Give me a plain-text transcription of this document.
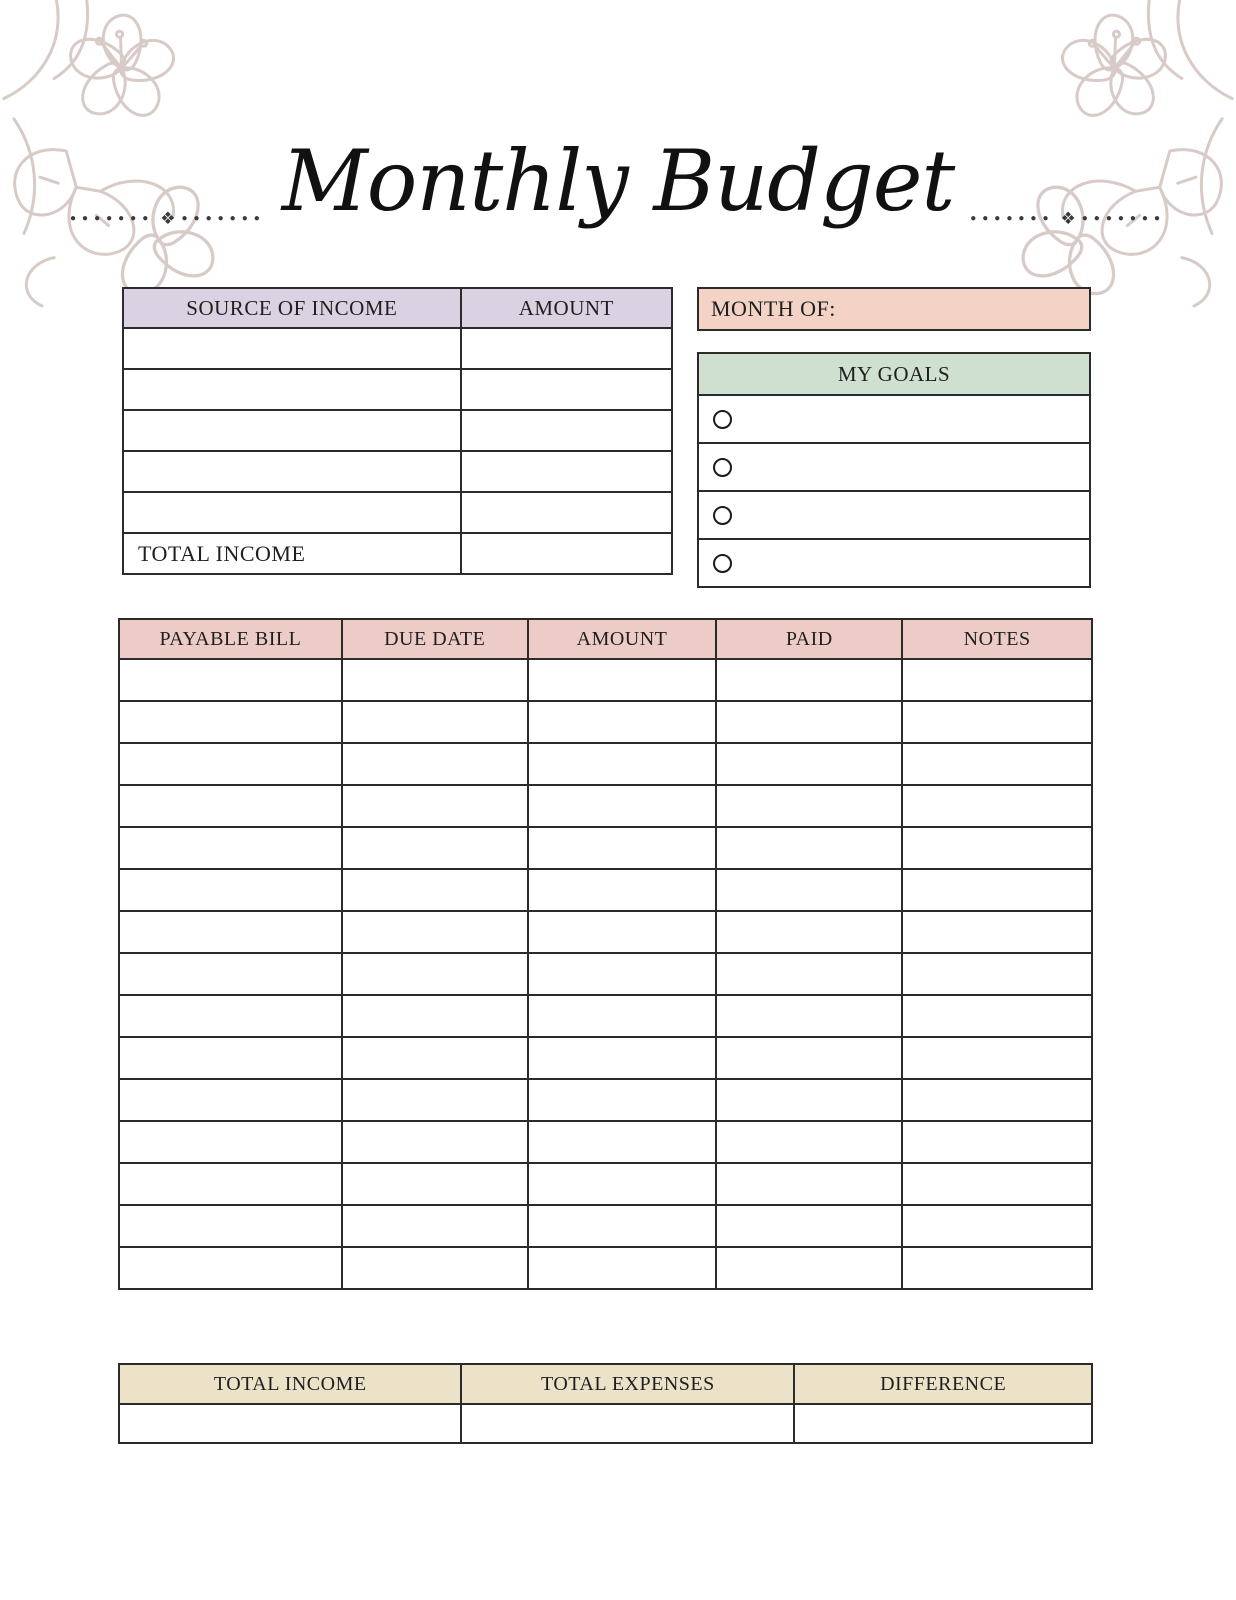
●●●●●●● ❖ ●●●●●●● Monthly Budget	●●●●●●● ❖ ●●●●●●●
SOURCE OF INCOME	AMOUNT

TOTAL INCOME	
MONTH OF:
MY GOALS
PAYABLE BILL	DUE DATE	AMOUNT	PAID	NOTES

TOTAL INCOME	TOTAL EXPENSES	DIFFERENCE
